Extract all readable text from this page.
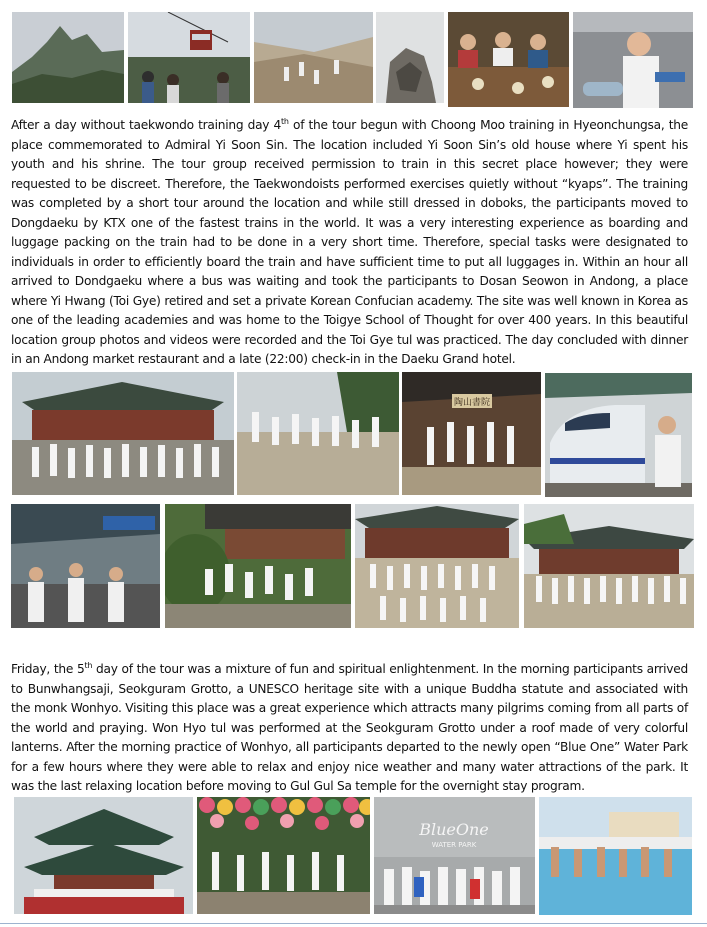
After a day without taekwondo training day 4th of the tour begun with Choong Moo training in Hyeonchungsa, the place commemorated to Admiral Yi Soon Sin. The location included Yi Soon Sin’s old house where Yi spent his youth and his shrine. The tour group received permission to train in this secret place however; they were requested to be discreet. Therefore, the Taekwondoists performed exercises quietly without “kyaps”. The training was completed by a short tour around the location and while still dressed in doboks, the participants moved to Dongdaeku by KTX one of the fastest trains in the world. It was a very interesting experience as boarding and luggage packing on the train had to be done in a very short time. Therefore, special tasks were designated to individuals in order to efficiently board the train and have sufficient time to put all luggages in. Within an hour all arrived to Dondgaeku where a bus was waiting and took the participants to Dosan Seowon in Andong, a place where Yi Hwang (Toi Gye) retired and set a private Korean Confucian academy. The site was well known in Korea as one of the leading academies and was home to the Toigye School of Thought for over 400 years. In this beautiful location group photos and videos were recorded and the Toi Gye tul was practiced. The day concluded with dinner in an Andong market restaurant and a late (22:00) check-in in the Daeku Grand hotel.

陶山書院

Friday, the 5th day of the tour was a mixture of fun and spiritual enlightenment. In the morning participants arrived to Bunwhangsaji, Seokguram Grotto, a UNESCO heritage site with a unique Buddha statute and associated with the monk Wonhyo. Visiting this place was a great experience which attracts many pilgrims coming from all parts of the world and praying. Won Hyo tul was performed at the Seokguram Grotto under a roof made of very colorful lanterns. After the morning practice of Wonhyo, all participants departed to the newly open “Blue One” Water Park for a few hours where they were able to relax and enjoy nice weather and many water attractions of the park. It was the last relaxing location before moving to Gul Gul Sa temple for the overnight stay program.

BlueOne
WATER PARK
